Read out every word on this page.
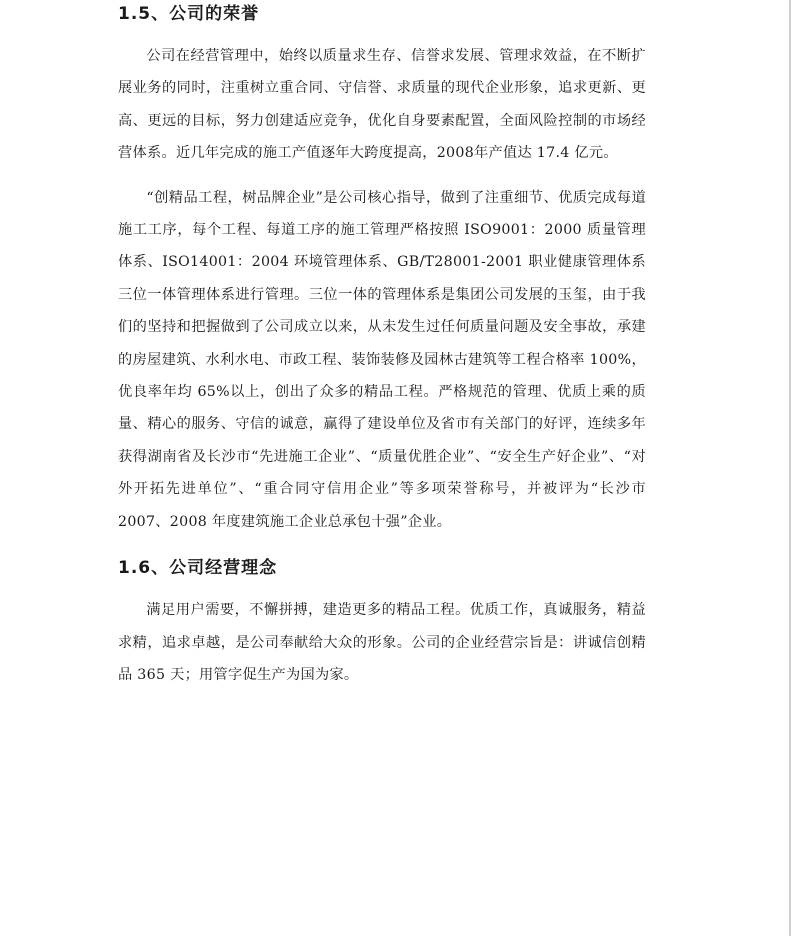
1.5、公司的荣誉

公司在经营管理中，始终以质量求生存、信誉求发展、管理求效益，在不断扩展业务的同时，注重树立重合同、守信誉、求质量的现代企业形象，追求更新、更高、更远的目标，努力创建适应竞争，优化自身要素配置，全面风险控制的市场经营体系。近几年完成的施工产值逐年大跨度提高，2008年产值达 17.4 亿元。

“创精品工程，树品牌企业”是公司核心指导，做到了注重细节、优质完成每道施工工序，每个工程、每道工序的施工管理严格按照 ISO9001：2000 质量管理体系、ISO14001：2004 环境管理体系、GB/T28001-2001 职业健康管理体系三位一体管理体系进行管理。三位一体的管理体系是集团公司发展的玉玺，由于我们的坚持和把握做到了公司成立以来，从未发生过任何质量问题及安全事故，承建的房屋建筑、水利水电、市政工程、装饰装修及园林古建筑等工程合格率 100%，优良率年均 65%以上，创出了众多的精品工程。严格规范的管理、优质上乘的质量、精心的服务、守信的诚意，赢得了建设单位及省市有关部门的好评，连续多年获得湖南省及长沙市“先进施工企业”、“质量优胜企业”、“安全生产好企业”、“对外开拓先进单位”、“重合同守信用企业”等多项荣誉称号，并被评为“长沙市 2007、2008 年度建筑施工企业总承包十强”企业。

1.6、公司经营理念

满足用户需要，不懈拼搏，建造更多的精品工程。优质工作，真诚服务，精益求精，追求卓越，是公司奉献给大众的形象。公司的企业经营宗旨是：讲诚信创精品 365 天；用管字促生产为国为家。
